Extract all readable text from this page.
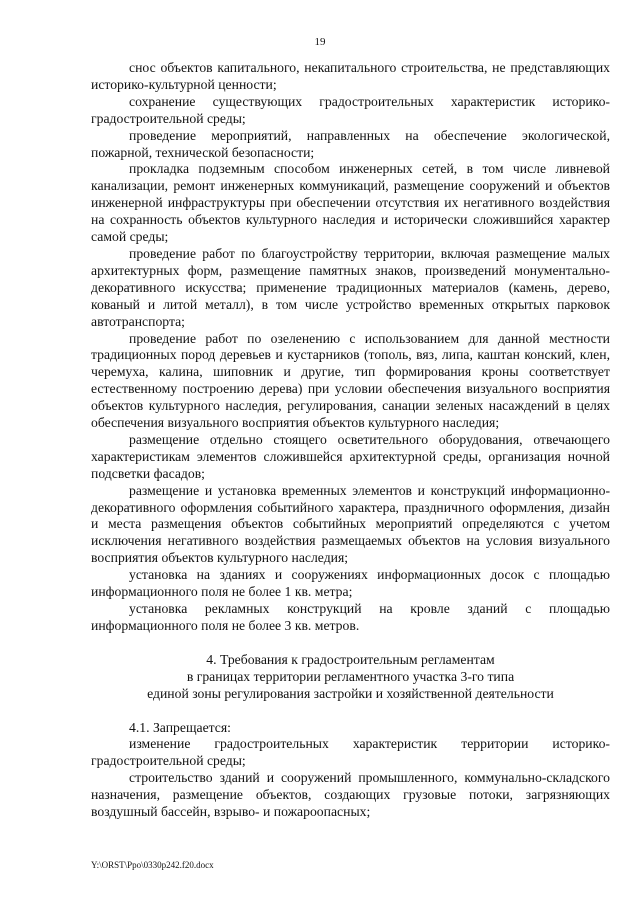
19

снос объектов капитального, некапитального строительства, не представляющих историко-культурной ценности;

сохранение существующих градостроительных характеристик историко-градостроительной среды;

проведение мероприятий, направленных на обеспечение экологической, пожарной, технической безопасности;

прокладка подземным способом инженерных сетей, в том числе ливневой канализации, ремонт инженерных коммуникаций, размещение сооружений и объектов инженерной инфраструктуры при обеспечении отсутствия их негативного воздействия на сохранность объектов культурного наследия и исторически сложившийся характер самой среды;

проведение работ по благоустройству территории, включая размещение малых архитектурных форм, размещение памятных знаков, произведений монументально-декоративного искусства; применение традиционных материалов (камень, дерево, кованый и литой металл), в том числе устройство временных открытых парковок автотранспорта;

проведение работ по озеленению с использованием для данной местности традиционных пород деревьев и кустарников (тополь, вяз, липа, каштан конский, клен, черемуха, калина, шиповник и другие, тип формирования кроны соответствует естественному построению дерева) при условии обеспечения визуального восприятия объектов культурного наследия, регулирования, санации зеленых насаждений в целях обеспечения визуального восприятия объектов культурного наследия;

размещение отдельно стоящего осветительного оборудования, отвечающего характеристикам элементов сложившейся архитектурной среды, организация ночной подсветки фасадов;

размещение и установка временных элементов и конструкций информационно-декоративного оформления событийного характера, праздничного оформления, дизайн и места размещения объектов событийных мероприятий определяются с учетом исключения негативного воздействия размещаемых объектов на условия визуального восприятия объектов культурного наследия;

установка на зданиях и сооружениях информационных досок с площадью информационного поля не более 1 кв. метра;

установка рекламных конструкций на кровле зданий с площадью информационного поля не более 3 кв. метров.

4. Требования к градостроительным регламентам
в границах территории регламентного участка 3-го типа
единой зоны регулирования застройки и хозяйственной деятельности

4.1. Запрещается:

изменение градостроительных характеристик территории историко-градостроительной среды;

строительство зданий и сооружений промышленного, коммунально-складского назначения, размещение объектов, создающих грузовые потоки, загрязняющих воздушный бассейн, взрыво- и пожароопасных;

Y:\ORST\Ppo\0330p242.f20.docx
